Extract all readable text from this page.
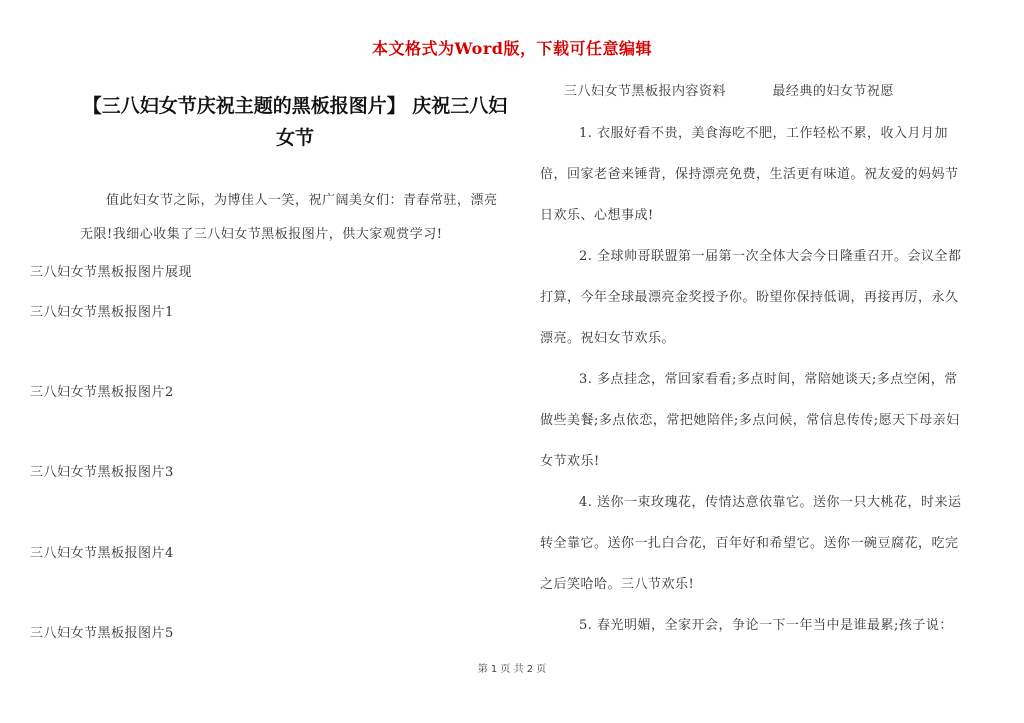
本文格式为Word版，下载可任意编辑
【三八妇女节庆祝主题的黑板报图片】 庆祝三八妇女节

值此妇女节之际，为博佳人一笑，祝广阔美女们：青春常驻，漂亮无限!我细心收集了三八妇女节黑板报图片，供大家观赏学习!

三八妇女节黑板报图片展现
三八妇女节黑板报图片1
三八妇女节黑板报图片2
三八妇女节黑板报图片3
三八妇女节黑板报图片4
三八妇女节黑板报图片5
三八妇女节黑板报内容资料	最经典的妇女节祝愿

1. 衣服好看不贵，美食海吃不肥，工作轻松不累，收入月月加倍，回家老爸来锤背，保持漂亮免费，生活更有味道。祝友爱的妈妈节日欢乐、心想事成!

2. 全球帅哥联盟第一届第一次全体大会今日隆重召开。会议全都打算，今年全球最漂亮金奖授予你。盼望你保持低调，再接再厉，永久漂亮。祝妇女节欢乐。

3. 多点挂念，常回家看看;多点时间，常陪她谈天;多点空闲，常做些美餐;多点依恋，常把她陪伴;多点问候，常信息传传;愿天下母亲妇女节欢乐!

4. 送你一束玫瑰花，传情达意依靠它。送你一只大桃花，时来运转全靠它。送你一扎白合花，百年好和希望它。送你一碗豆腐花，吃完之后笑哈哈。三八节欢乐!

5. 春光明媚，全家开会，争论一下一年当中是谁最累;孩子说：

第 1 页 共 2 页
